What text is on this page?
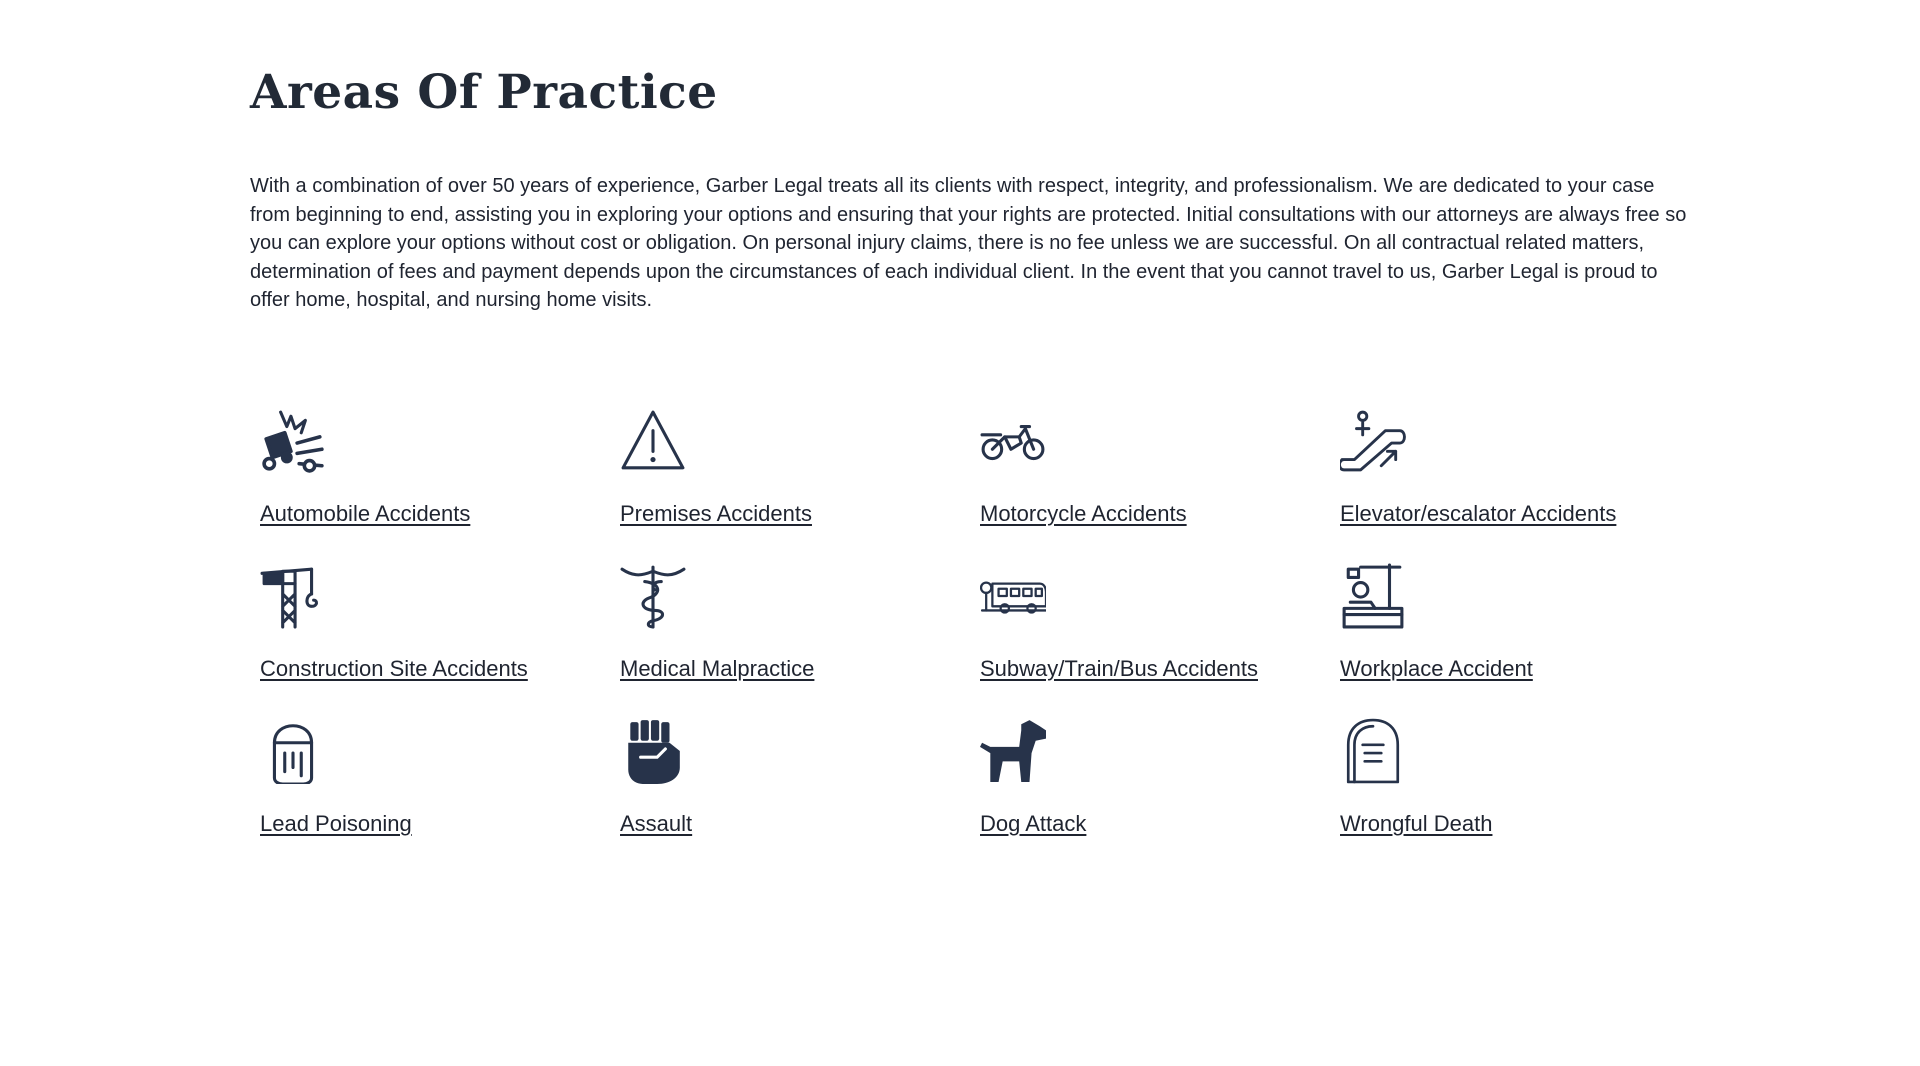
Areas Of Practice

With a combination of over 50 years of experience, Garber Legal treats all its clients with respect, integrity, and professionalism. We are dedicated to your case from beginning to end, assisting you in exploring your options and ensuring that your rights are protected. Initial consultations with our attorneys are always free so you can explore your options without cost or obligation. On personal injury claims, there is no fee unless we are successful. On all contractual related matters, determination of fees and payment depends upon the circumstances of each individual client. In the event that you cannot travel to us, Garber Legal is proud to offer home, hospital, and nursing home visits.

Automobile Accidents	Premises Accidents	Motorcycle Accidents	Elevator/escalator Accidents
Construction Site Accidents	Medical Malpractice	Subway/Train/Bus Accidents	Workplace Accident
Lead Poisoning	Assault	Dog Attack	Wrongful Death
